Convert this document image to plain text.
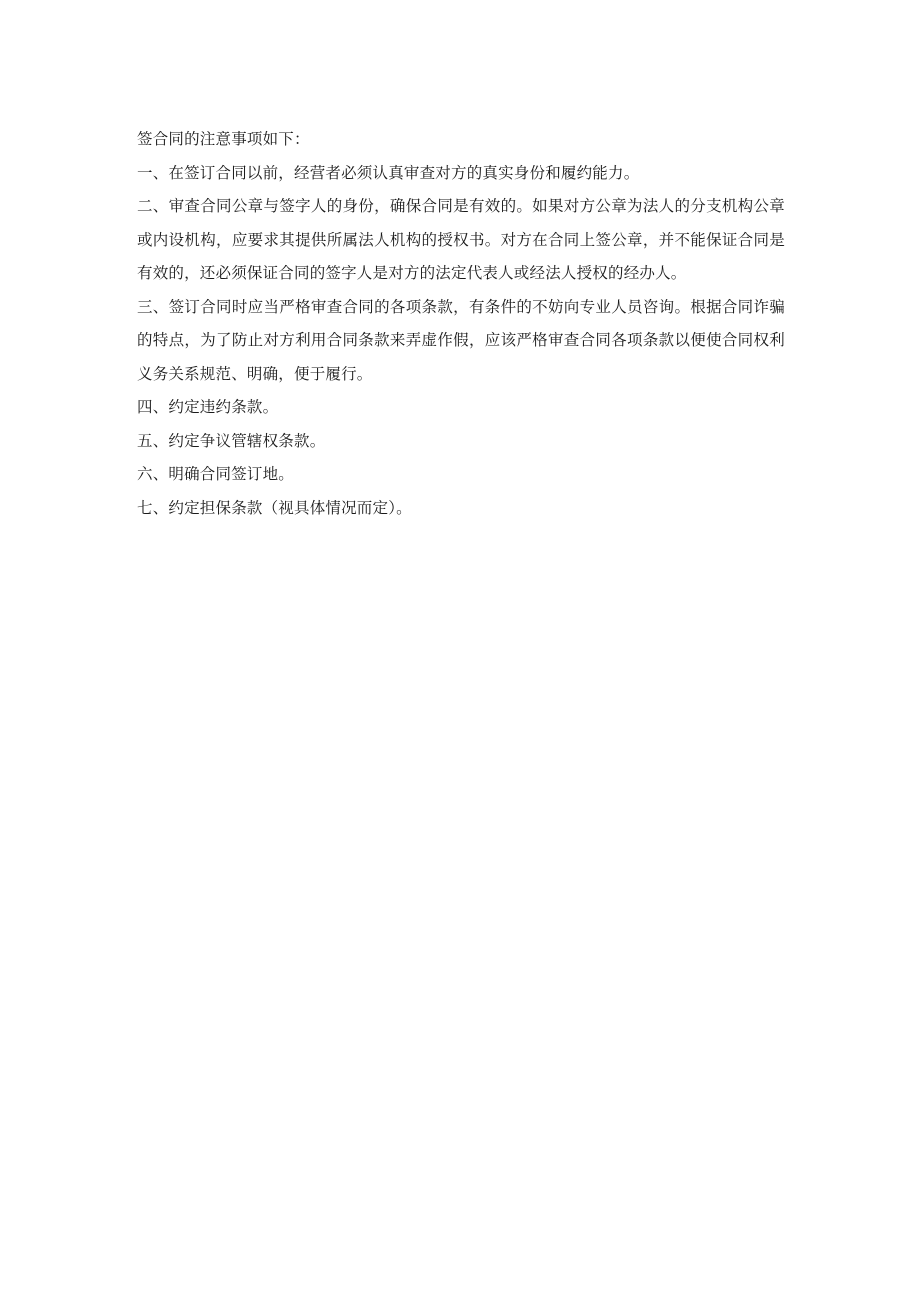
签合同的注意事项如下：

一、在签订合同以前，经营者必须认真审查对方的真实身份和履约能力。

二、审查合同公章与签字人的身份，确保合同是有效的。如果对方公章为法人的分支机构公章或内设机构，应要求其提供所属法人机构的授权书。对方在合同上签公章，并不能保证合同是有效的，还必须保证合同的签字人是对方的法定代表人或经法人授权的经办人。

三、签订合同时应当严格审查合同的各项条款，有条件的不妨向专业人员咨询。根据合同诈骗的特点，为了防止对方利用合同条款来弄虚作假，应该严格审查合同各项条款以便使合同权利义务关系规范、明确，便于履行。

四、约定违约条款。

五、约定争议管辖权条款。

六、明确合同签订地。

七、约定担保条款（视具体情况而定）。
